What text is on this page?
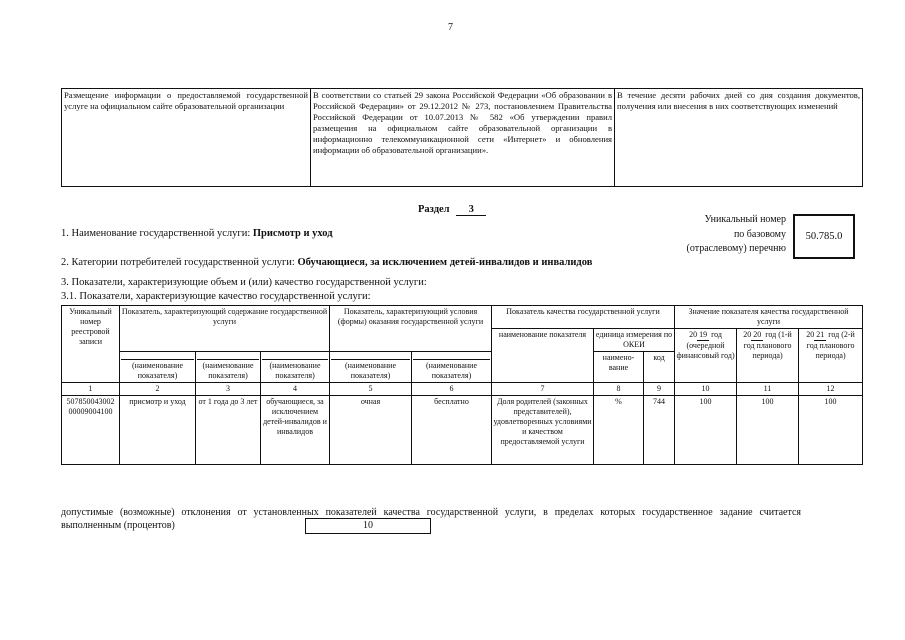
7
Размещение информации о предоставляемой государственной услуге на официальном сайте образовательной организации	В соответствии со статьей 29 закона Российской Федерации «Об образовании в Российской Федерации» от 29.12.2012 № 273, постановлением Правительства Российской Федерации от 10.07.2013 № 582 «Об утверждении правил размещения на официальном сайте образовательной организации в информационно телекоммуникационной сети «Интернет» и обновления информации об образовательной организации».	В течение десяти рабочих дней со дня создания документов, получения или внесения в них соответствующих изменений
Раздел 3
1. Наименование государственной услуги: Присмотр и уход
Уникальный номер
по базовому
(отраслевому) перечню
50.785.0
2. Категории потребителей государственной услуги: Обучающиеся, за исключением детей-инвалидов и инвалидов
3. Показатели, характеризующие объем и (или) качество государственной услуги:
3.1. Показатели, характеризующие качество государственной услуги:
Уникальный номер реестровой записи	Показатель, характеризующий содержание государственной услуги			Показатель, характеризующий условия (формы) оказания государственной услуги		Показатель качества государственной услуги			Значение показателя качества государственной услуги		
						наименование показателя	единица измерения по ОКЕИ		20 19 год (очередной финансовый год)	20 20 год (1-й год планового периода)	20 21 год (2-й год планового периода)
	(наименование показателя)	(наименование показателя)	(наименование показателя)	(наименование показателя)	(наименование показателя)		наимено-вание	код			
1	2	3	4	5	6	7	8	9	10	11	12
507850043002 00009004100	присмотр и уход	от 1 года до 3 лет	обучающиеся, за исключением детей-инвалидов и инвалидов	очная	бесплатно	Доля родителей (законных представителей), удовлетворенных условиями и качеством предоставляемой услуги	%	744	100	100	100
допустимые (возможные) отклонения от установленных показателей качества государственной услуги, в пределах которых государственное задание считается выполненным (процентов)	10
